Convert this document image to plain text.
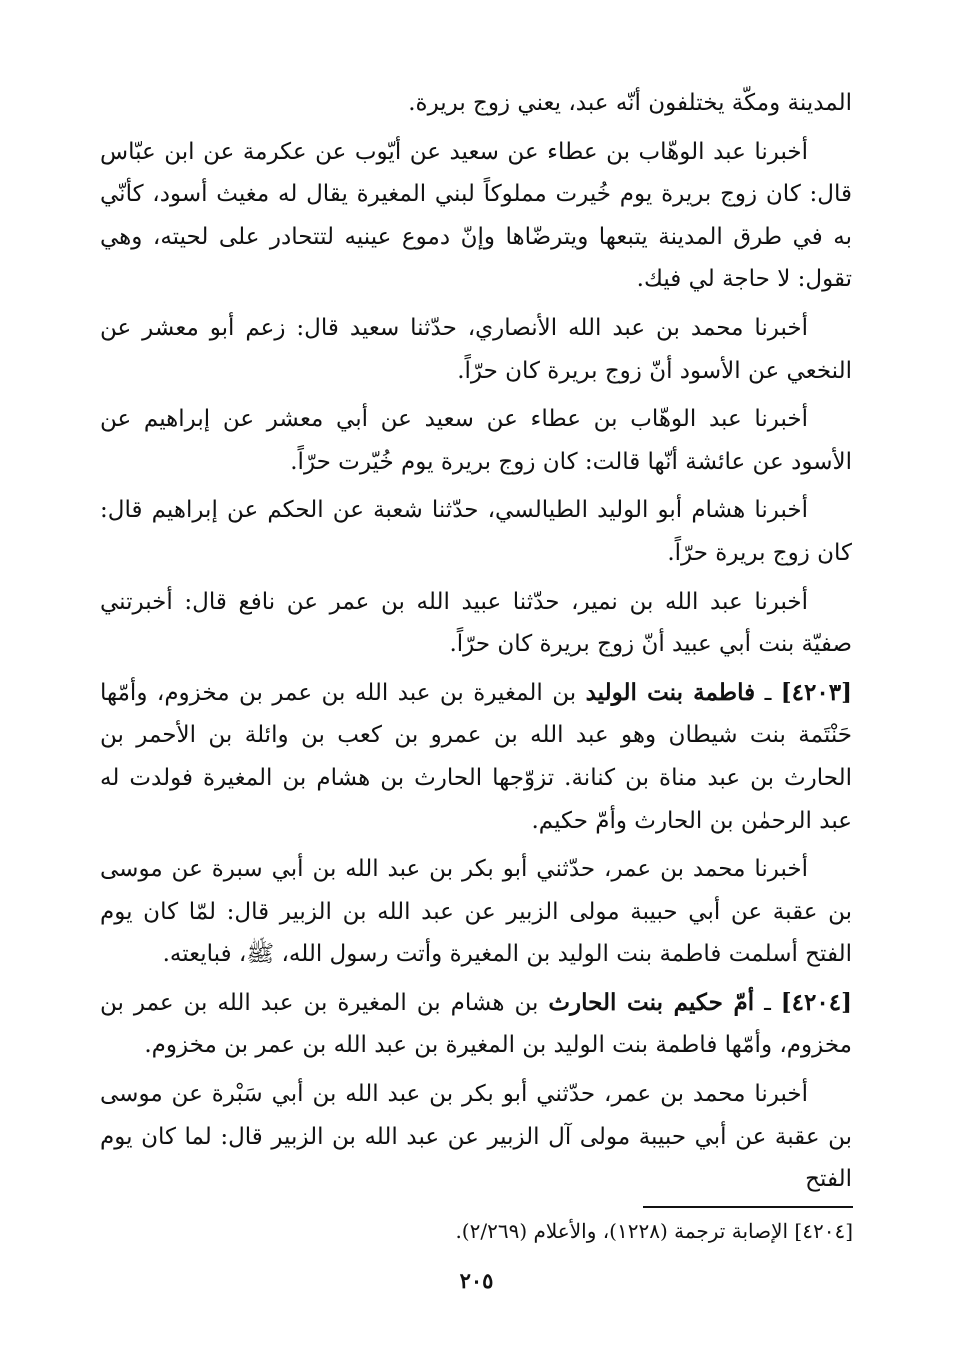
المدينة ومكّة يختلفون أنّه عبد، يعني زوج بريرة.

أخبرنا عبد الوهّاب بن عطاء عن سعيد عن أيّوب عن عكرمة عن ابن عبّاس قال: كان زوج بريرة يوم خُيرت مملوكاً لبني المغيرة يقال له مغيث أسود، كأنّي به في طرق المدينة يتبعها ويترضّاها وإنّ دموع عينيه لتتحادر على لحيته، وهي تقول: لا حاجة لي فيك.

أخبرنا محمد بن عبد الله الأنصاري، حدّثنا سعيد قال: زعم أبو معشر عن النخعي عن الأسود أنّ زوج بريرة كان حرّاً.

أخبرنا عبد الوهّاب بن عطاء عن سعيد عن أبي معشر عن إبراهيم عن الأسود عن عائشة أنّها قالت: كان زوج بريرة يوم خُيّرت حرّاً.

أخبرنا هشام أبو الوليد الطيالسي، حدّثنا شعبة عن الحكم عن إبراهيم قال: كان زوج بريرة حرّاً.

أخبرنا عبد الله بن نمير، حدّثنا عبيد الله بن عمر عن نافع قال: أخبرتني صفيّة بنت أبي عبيد أنّ زوج بريرة كان حرّاً.

[٤٢٠٣] ـ فاطمة بنت الوليد بن المغيرة بن عبد الله بن عمر بن مخزوم، وأمّها حَنْتَمة بنت شيطان وهو عبد الله بن عمرو بن كعب بن وائلة بن الأحمر بن الحارث بن عبد مناة بن كنانة. تزوّجها الحارث بن هشام بن المغيرة فولدت له عبد الرحمٰن بن الحارث وأمّ حكيم.

أخبرنا محمد بن عمر، حدّثني أبو بكر بن عبد الله بن أبي سبرة عن موسى بن عقبة عن أبي حبيبة مولى الزبير عن عبد الله بن الزبير قال: لمّا كان يوم الفتح أسلمت فاطمة بنت الوليد بن المغيرة وأتت رسول الله، ﷺ، فبايعته.

[٤٢٠٤] ـ أمّ حكيم بنت الحارث بن هشام بن المغيرة بن عبد الله بن عمر بن مخزوم، وأمّها فاطمة بنت الوليد بن المغيرة بن عبد الله بن عمر بن مخزوم.

أخبرنا محمد بن عمر، حدّثني أبو بكر بن عبد الله بن أبي سَبْرة عن موسى بن عقبة عن أبي حبيبة مولى آل الزبير عن عبد الله بن الزبير قال: لما كان يوم الفتح

[٤٢٠٤] الإصابة ترجمة (١٢٢٨)، والأعلام (٢/٢٦٩).
٢٠٥
